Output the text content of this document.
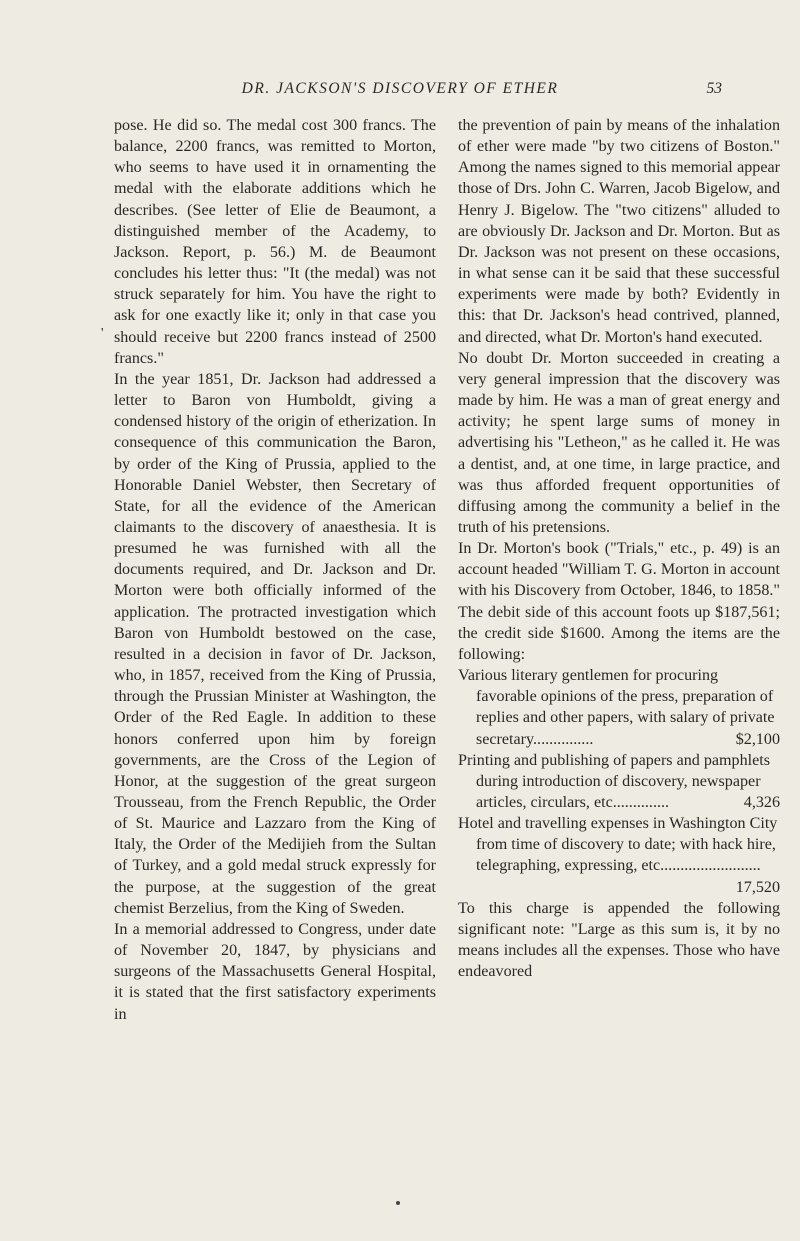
DR. JACKSON'S DISCOVERY OF ETHER	53
'

pose. He did so. The medal cost 300 francs. The balance, 2200 francs, was remitted to Morton, who seems to have used it in ornamenting the medal with the elaborate additions which he describes. (See letter of Elie de Beaumont, a distinguished member of the Academy, to Jackson. Report, p. 56.) M. de Beaumont concludes his letter thus: "It (the medal) was not struck separately for him. You have the right to ask for one exactly like it; only in that case you should receive but 2200 francs instead of 2500 francs."

In the year 1851, Dr. Jackson had addressed a letter to Baron von Humboldt, giving a condensed history of the origin of etherization. In consequence of this communication the Baron, by order of the King of Prussia, applied to the Honorable Daniel Webster, then Secretary of State, for all the evidence of the American claimants to the discovery of anaesthesia. It is presumed he was furnished with all the documents required, and Dr. Jackson and Dr. Morton were both officially informed of the application. The protracted investigation which Baron von Humboldt bestowed on the case, resulted in a decision in favor of Dr. Jackson, who, in 1857, received from the King of Prussia, through the Prussian Minister at Washington, the Order of the Red Eagle. In addition to these honors conferred upon him by foreign governments, are the Cross of the Legion of Honor, at the suggestion of the great surgeon Trousseau, from the French Republic, the Order of St. Maurice and Lazzaro from the King of Italy, the Order of the Medijieh from the Sultan of Turkey, and a gold medal struck expressly for the purpose, at the suggestion of the great chemist Berzelius, from the King of Sweden.

In a memorial addressed to Congress, under date of November 20, 1847, by physicians and surgeons of the Massachusetts General Hospital, it is stated that the first satisfactory experiments in

the prevention of pain by means of the inhalation of ether were made "by two citizens of Boston." Among the names signed to this memorial appear those of Drs. John C. Warren, Jacob Bigelow, and Henry J. Bigelow. The "two citizens" alluded to are obviously Dr. Jackson and Dr. Morton. But as Dr. Jackson was not present on these occasions, in what sense can it be said that these successful experiments were made by both? Evidently in this: that Dr. Jackson's head contrived, planned, and directed, what Dr. Morton's hand executed.

No doubt Dr. Morton succeeded in creating a very general impression that the discovery was made by him. He was a man of great energy and activity; he spent large sums of money in advertising his "Letheon," as he called it. He was a dentist, and, at one time, in large practice, and was thus afforded frequent opportunities of diffusing among the community a belief in the truth of his pretensions.

In Dr. Morton's book ("Trials," etc., p. 49) is an account headed "William T. G. Morton in account with his Discovery from October, 1846, to 1858." The debit side of this account foots up $187,561; the credit side $1600. Among the items are the following:

Various literary gentlemen for procuring favorable opinions of the press, preparation of replies and other papers, with salary of private secretary...............	$2,100
Printing and publishing of papers and pamphlets during introduction of discovery, newspaper articles, circulars, etc..............	4,326
Hotel and travelling expenses in Washington City from time of discovery to date; with hack hire, telegraphing, expressing, etc.........................
17,520

To this charge is appended the following significant note: "Large as this sum is, it by no means includes all the expenses. Those who have endeavored
